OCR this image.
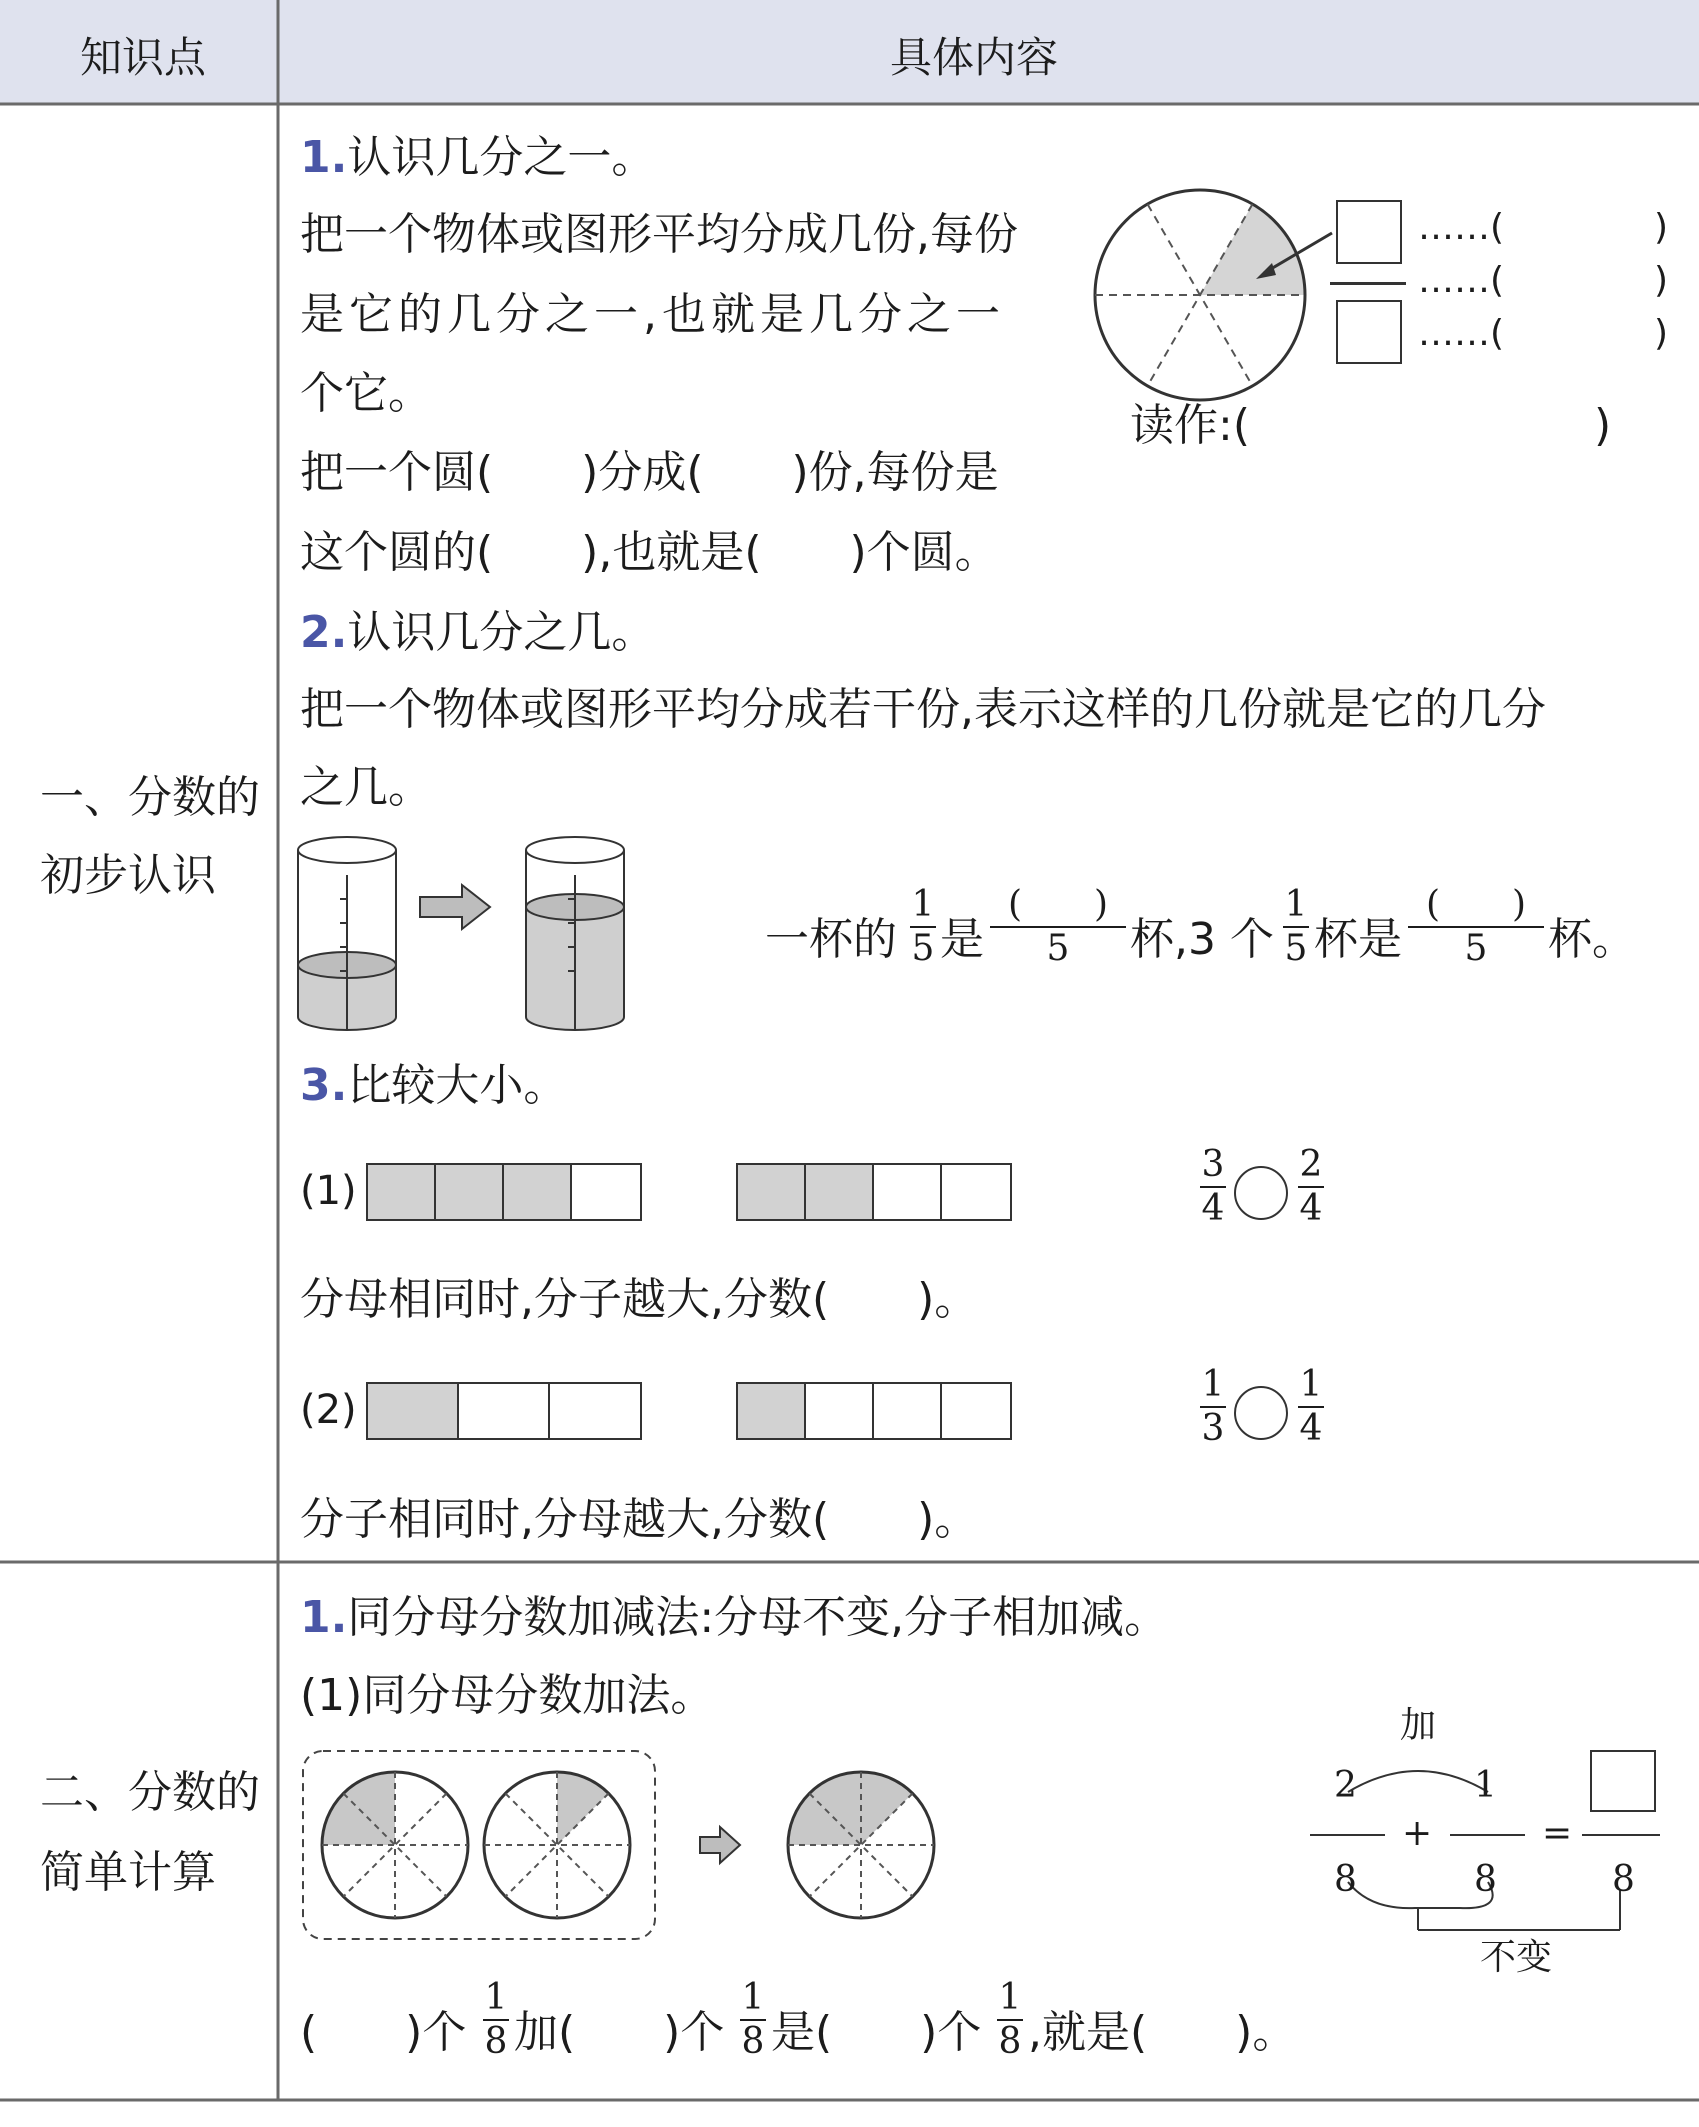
知识点	具体内容
一、分数的
初步认识
1.认识几分之一。
把一个物体或图形平均分成几份,每份
是它的几分之一,也就是几分之一
个它。
把一个圆(　　)分成(　　)份,每份是
这个圆的(　　),也就是(　　)个圆。
……(	)
……(	)
……(	)
读作:(	)
2.认识几分之几。
把一个物体或图形平均分成若干份,表示这样的几份就是它的几分
之几。
一杯的
1
5 是
(　　)
5 杯,3 个
1
5 杯是
(　　)
5 杯。
3.比较大小。
(1)
3
4
2
4
分母相同时,分子越大,分数(　　)。
(2)
1
3
1
4
分子相同时,分母越大,分数(　　)。
二、分数的
简单计算
1.同分母分数加减法:分母不变,分子相加减。
(1)同分母分数加法。
加
2	1
+	=
8	8	8
不变
(　　)个
1
8 加(　　)个
1
8 是(　　)个
1
8 ,就是(　　)。
